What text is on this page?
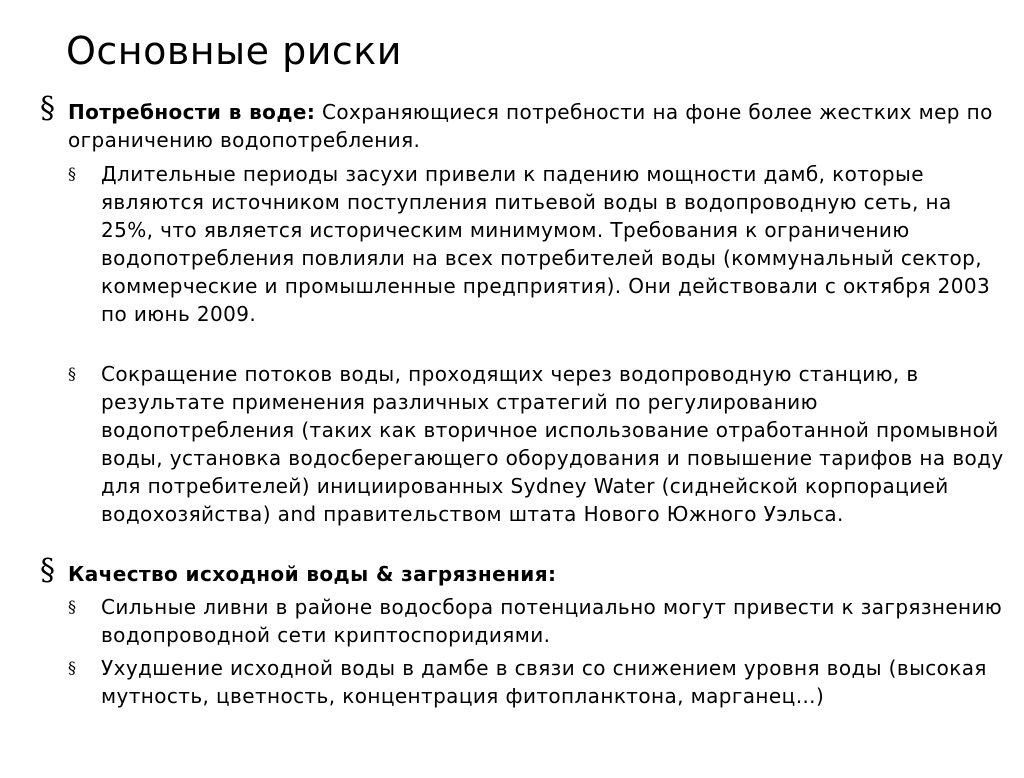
Основные риски
§ Потребности в воде: Сохраняющиеся потребности на фоне более жестких мер по ограничению водопотребления.
§ Длительные периоды засухи привели к падению мощности дамб, которые являются источником поступления питьевой воды в водопроводную сеть, на 25%, что является историческим минимумом. Требования к ограничению водопотребления повлияли на всех потребителей воды (коммунальный сектор, коммерческие и промышленные предприятия). Они действовали с октября 2003 по июнь 2009.
§ Сокращение потоков воды, проходящих через водопроводную станцию, в результате применения различных стратегий по регулированию водопотребления (таких как вторичное использование отработанной промывной воды, установка водосберегающего оборудования и повышение тарифов на воду для потребителей) инициированных Sydney Water (сиднейской корпорацией водохозяйства) and правительством штата Нового Южного Уэльса.
§ Качество исходной воды & загрязнения:
§ Сильные ливни в районе водосбора потенциально могут привести к загрязнению водопроводной сети криптоспоридиями.
§ Ухудшение исходной воды в дамбе в связи со снижением уровня воды (высокая мутность, цветность, концентрация фитопланктона, марганец…)
